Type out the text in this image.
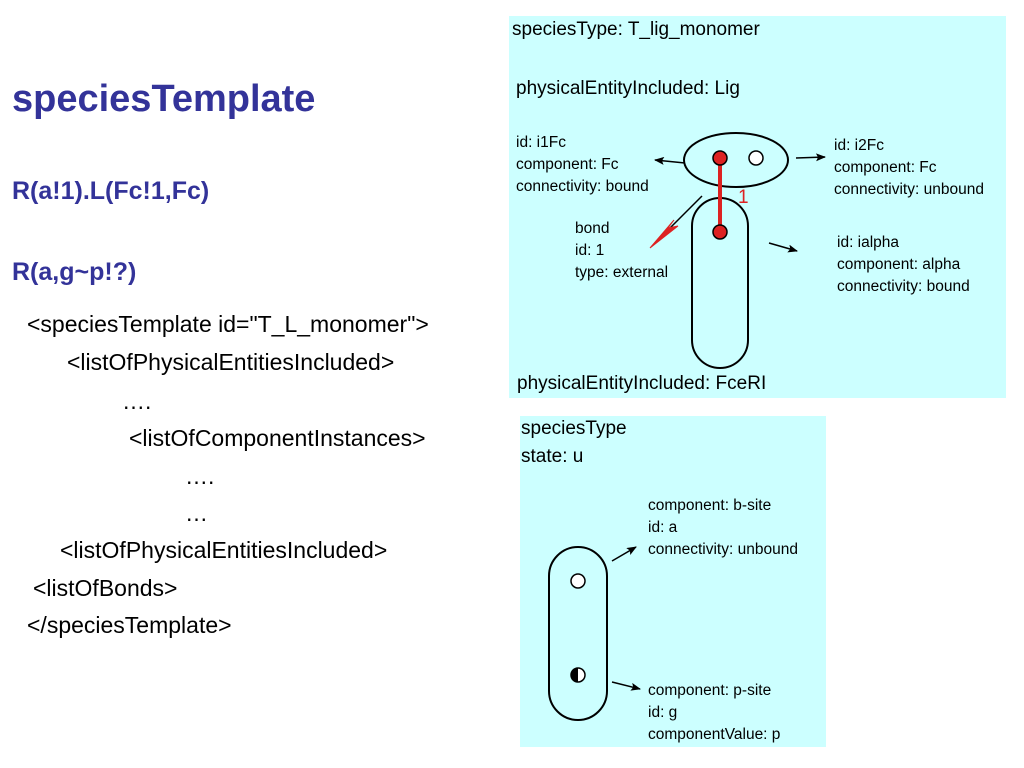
speciesTemplate
R(a!1).L(Fc!1,Fc)
R(a,g~p!?)
<speciesTemplate id="T_L_monomer">
<listOfPhysicalEntitiesIncluded>
….
<listOfComponentInstances>
….
…
<listOfPhysicalEntitiesIncluded>
<listOfBonds>
</speciesTemplate>
speciesType: T_lig_monomer
physicalEntityIncluded: Lig
physicalEntityIncluded: FceRI
id: i1Fc
component: Fc
connectivity: bound
id: i2Fc
component: Fc
connectivity: unbound
bond
id: 1
type: external
id: ialpha
component: alpha
connectivity: bound
1
speciesType
state: u
component: b-site
id: a
connectivity: unbound
component: p-site
id: g
componentValue: p
